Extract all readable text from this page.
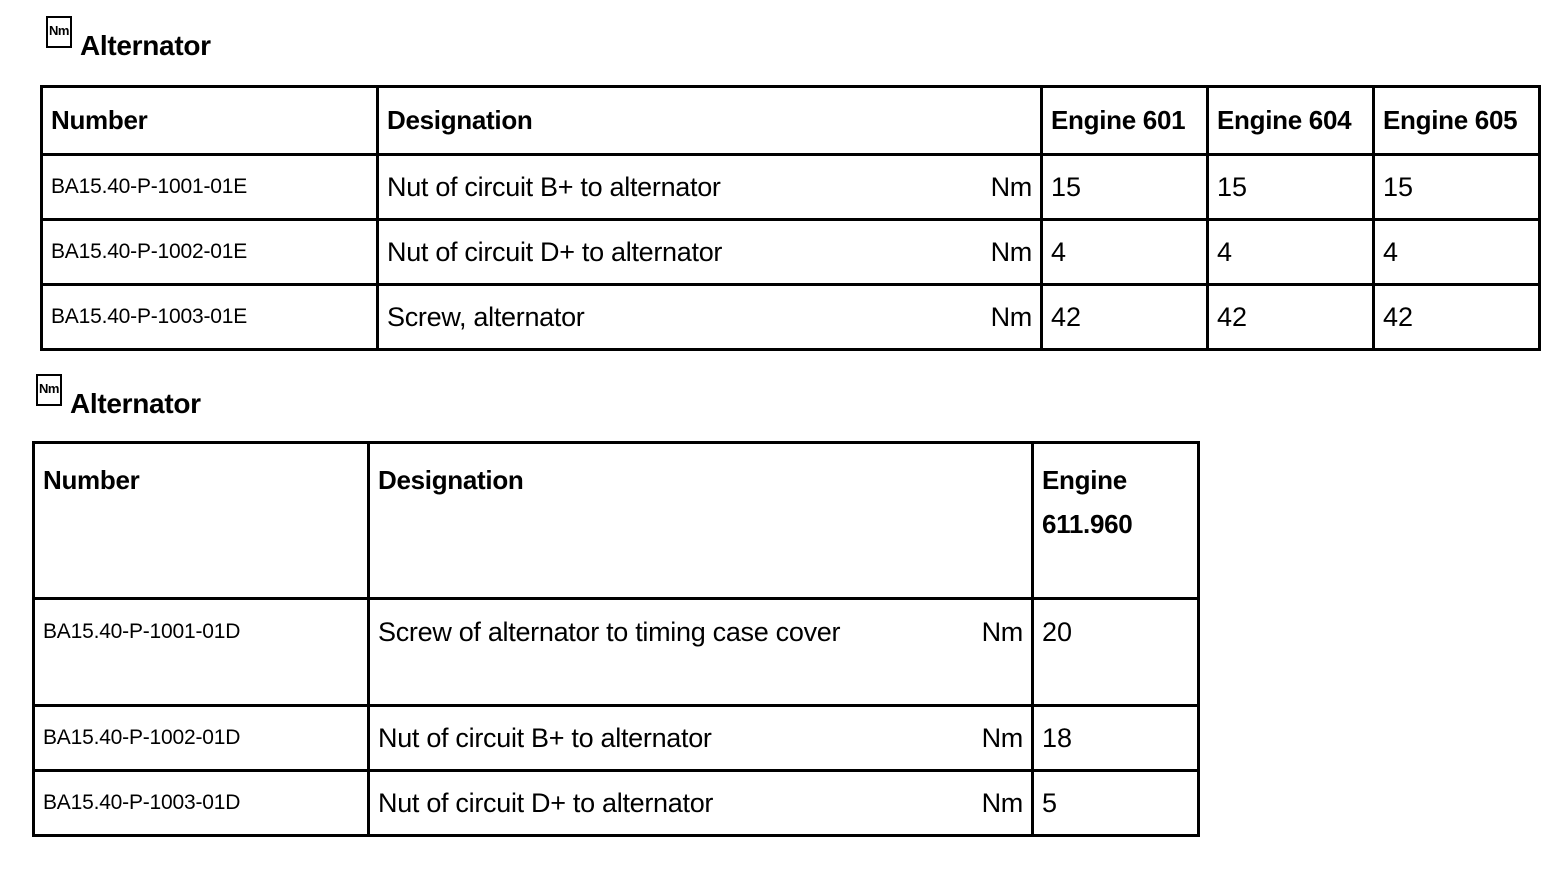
Nm Alternator
Number	Designation	Engine 601	Engine 604	Engine 605
BA15.40-P-1001-01E	Nut of circuit B+ to alternator Nm	15	15	15
BA15.40-P-1002-01E	Nut of circuit D+ to alternator Nm	4	4	4
BA15.40-P-1003-01E	Screw, alternator Nm	42	42	42
Nm Alternator
Number	Designation	Engine 611.960
BA15.40-P-1001-01D	Screw of alternator to timing case cover Nm	20
BA15.40-P-1002-01D	Nut of circuit B+ to alternator Nm	18
BA15.40-P-1003-01D	Nut of circuit D+ to alternator Nm	5
